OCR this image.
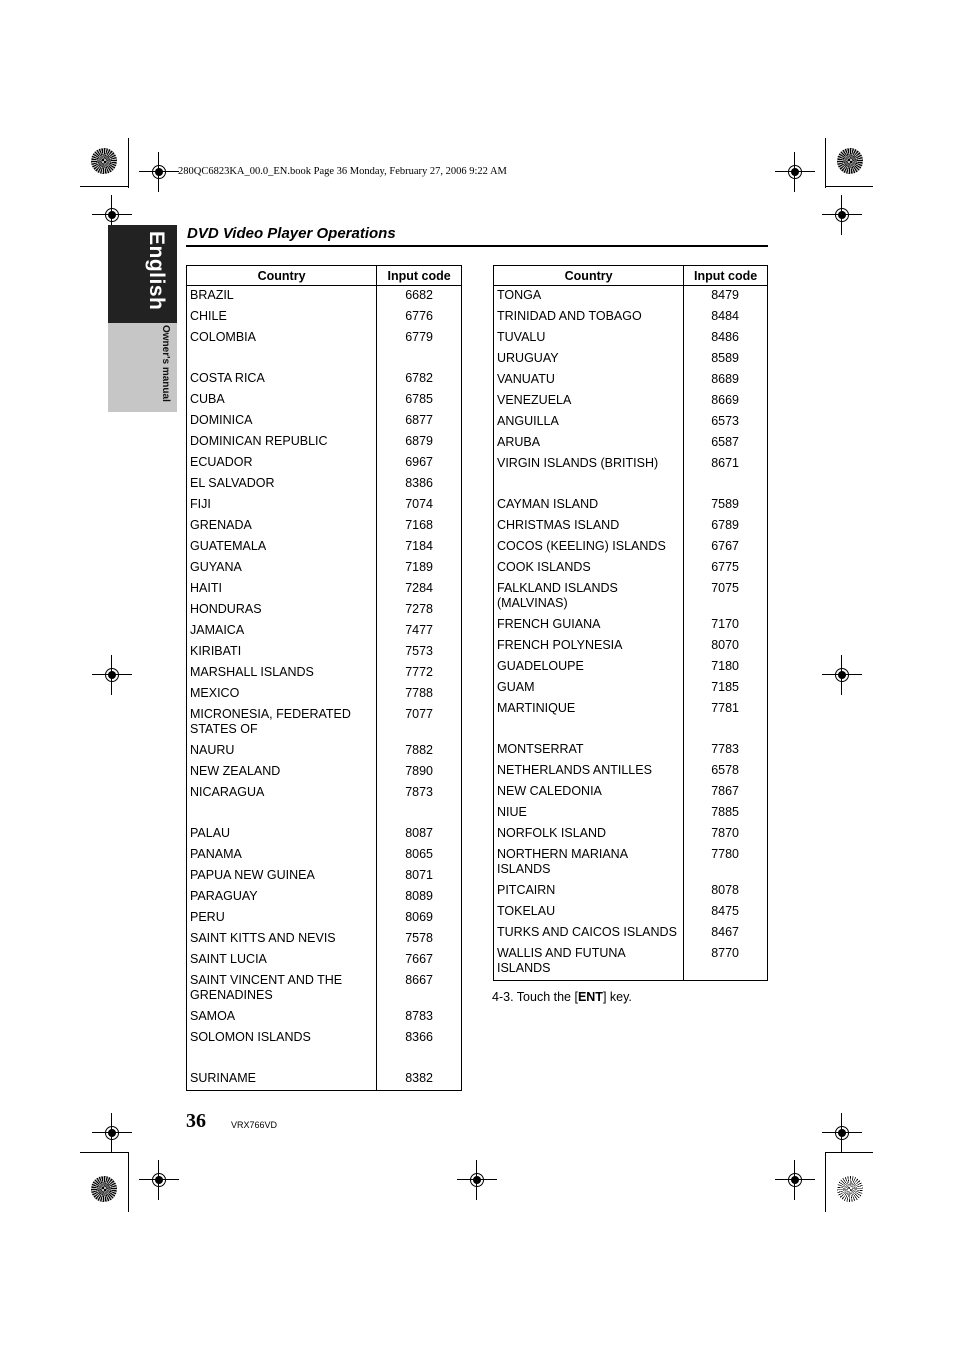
280QC6823KA_00.0_EN.book Page 36 Monday, February 27, 2006 9:22 AM
English
Owner's manual
DVD Video Player Operations
Country	Input code
BRAZIL	6682
CHILE	6776
COLOMBIA	6779
COSTA RICA	6782
CUBA	6785
DOMINICA	6877
DOMINICAN REPUBLIC	6879
ECUADOR	6967
EL SALVADOR	8386
FIJI	7074
GRENADA	7168
GUATEMALA	7184
GUYANA	7189
HAITI	7284
HONDURAS	7278
JAMAICA	7477
KIRIBATI	7573
MARSHALL ISLANDS	7772
MEXICO	7788
MICRONESIA, FEDERATED STATES OF	7077
NAURU	7882
NEW ZEALAND	7890
NICARAGUA	7873
PALAU	8087
PANAMA	8065
PAPUA NEW GUINEA	8071
PARAGUAY	8089
PERU	8069
SAINT KITTS AND NEVIS	7578
SAINT LUCIA	7667
SAINT VINCENT AND THE GRENADINES	8667
SAMOA	8783
SOLOMON ISLANDS	8366
SURINAME	8382
Country	Input code
TONGA	8479
TRINIDAD AND TOBAGO	8484
TUVALU	8486
URUGUAY	8589
VANUATU	8689
VENEZUELA	8669
ANGUILLA	6573
ARUBA	6587
VIRGIN ISLANDS (BRITISH)	8671
CAYMAN ISLAND	7589
CHRISTMAS ISLAND	6789
COCOS (KEELING) ISLANDS	6767
COOK ISLANDS	6775
FALKLAND ISLANDS (MALVINAS)	7075
FRENCH GUIANA	7170
FRENCH POLYNESIA	8070
GUADELOUPE	7180
GUAM	7185
MARTINIQUE	7781
MONTSERRAT	7783
NETHERLANDS ANTILLES	6578
NEW CALEDONIA	7867
NIUE	7885
NORFOLK ISLAND	7870
NORTHERN MARIANA ISLANDS	7780
PITCAIRN	8078
TOKELAU	8475
TURKS AND CAICOS ISLANDS	8467
WALLIS AND FUTUNA ISLANDS	8770
4-3. Touch the [ENT] key.
36	VRX766VD
